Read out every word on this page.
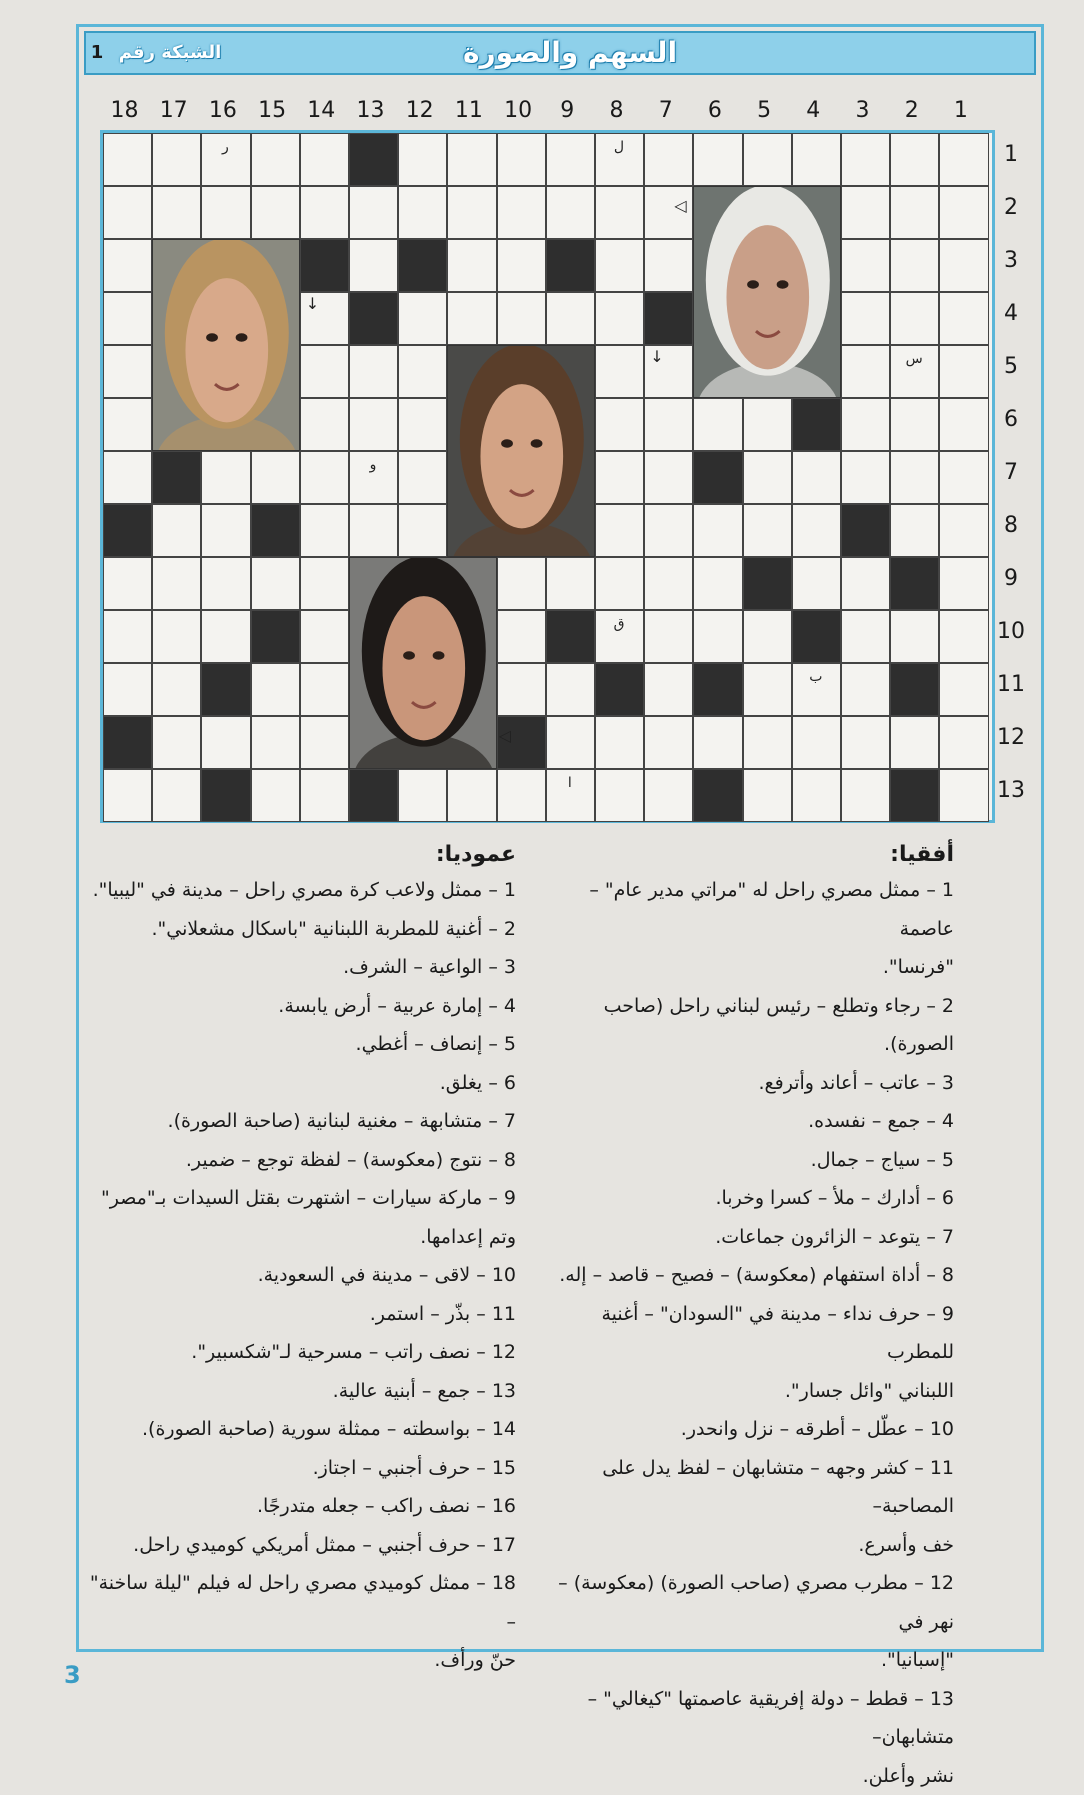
السهم والصورة
الشبكة رقم
1
18 17 16 15 14 13 12 11 10	9	8	7	6	5	4	3	2	1
1
2
3
4
5
6
7
8
9
10
11
12
13
ر	ل
س
و
ق
ب
ا
◁
↓
↓
◁
أفقيا:

1 – ممثل مصري راحل له "مراتي مدير عام" – عاصمة

"فرنسا".

2 – رجاء وتطلع – رئيس لبناني راحل (صاحب الصورة).

3 – عاتب – أعاند وأترفع.

4 – جمع – نفسده.

5 – سياج – جمال.

6 – أدارك – ملأ – كسرا وخربا.

7 – يتوعد – الزائرون جماعات.

8 – أداة استفهام (معكوسة) – فصيح – قاصد – إله.

9 – حرف نداء – مدينة في "السودان" – أغنية للمطرب

اللبناني "وائل جسار".

10 – عطّل – أطرقه – نزل وانحدر.

11 – كشر وجهه – متشابهان – لفظ يدل على المصاحبة–

خف وأسرع.

12 – مطرب مصري (صاحب الصورة) (معكوسة) – نهر في

"إسبانيا".

13 – قطط – دولة إفريقية عاصمتها "كيغالي" – متشابهان–

نشر وأعلن.

عموديا:

1 – ممثل ولاعب كرة مصري راحل – مدينة في "ليبيا".

2 – أغنية للمطربة اللبنانية "باسكال مشعلاني".

3 – الواعية – الشرف.

4 – إمارة عربية – أرض يابسة.

5 – إنصاف – أغطي.

6 – يغلق.

7 – متشابهة – مغنية لبنانية (صاحبة الصورة).

8 – نتوج (معكوسة) – لفظة توجع – ضمير.

9 – ماركة سيارات – اشتهرت بقتل السيدات بـ"مصر" وتم إعدامها.

10 – لاقى – مدينة في السعودية.

11 – بذّر – استمر.

12 – نصف راتب – مسرحية لـ"شكسبير".

13 – جمع – أبنية عالية.

14 – بواسطته – ممثلة سورية (صاحبة الصورة).

15 – حرف أجنبي – اجتاز.

16 – نصف راكب – جعله متدرجًا.

17 – حرف أجنبي – ممثل أمريكي كوميدي راحل.

18 – ممثل كوميدي مصري راحل له فيلم "ليلة ساخنة" –

حنّ ورأف.

3
